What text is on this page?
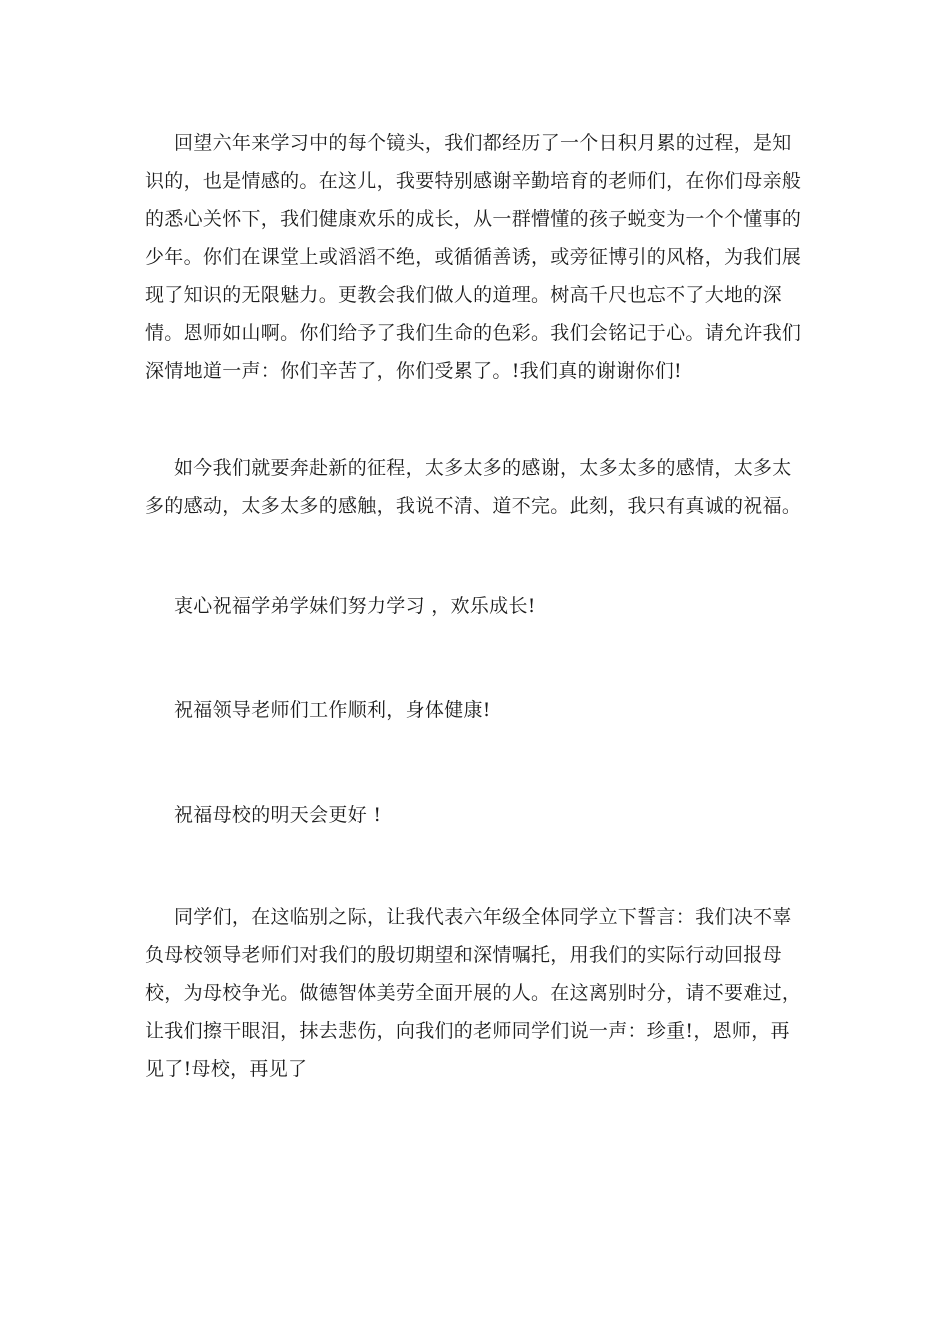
回望六年来学习中的每个镜头，我们都经历了一个日积月累的过程，是知识的，也是情感的。在这儿，我要特别感谢辛勤培育的老师们，在你们母亲般的悉心关怀下，我们健康欢乐的成长，从一群懵懂的孩子蜕变为一个个懂事的少年。你们在课堂上或滔滔不绝，或循循善诱，或旁征博引的风格，为我们展现了知识的无限魅力。更教会我们做人的道理。树高千尺也忘不了大地的深情。恩师如山啊。你们给予了我们生命的色彩。我们会铭记于心。请允许我们深情地道一声：你们辛苦了，你们受累了。!我们真的谢谢你们!

如今我们就要奔赴新的征程，太多太多的感谢，太多太多的感情，太多太多的感动，太多太多的感触，我说不清、道不完。此刻，我只有真诚的祝福。

衷心祝福学弟学妹们努力学习 ，欢乐成长!

祝福领导老师们工作顺利，身体健康!

祝福母校的明天会更好 !

同学们，在这临别之际，让我代表六年级全体同学立下誓言：我们决不辜负母校领导老师们对我们的殷切期望和深情嘱托，用我们的实际行动回报母校，为母校争光。做德智体美劳全面开展的人。在这离别时分，请不要难过，让我们擦干眼泪，抹去悲伤，向我们的老师同学们说一声：珍重!，恩师，再见了!母校，再见了
